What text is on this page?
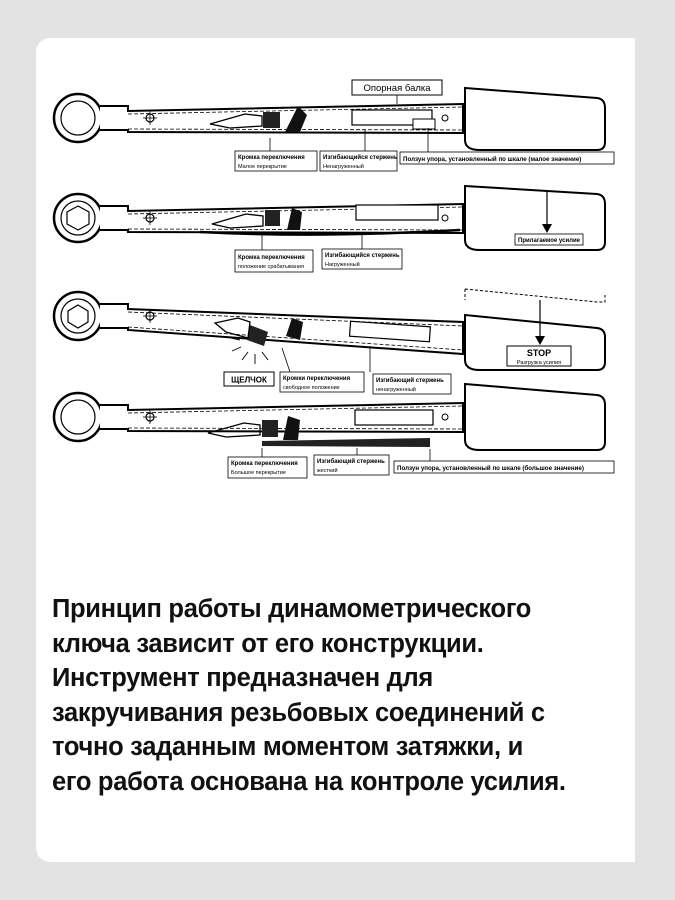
Опорная балка
Кромка переключения
Малое перекрытие
Изгибающийся стержень
Ненагруженный
Ползун упора, установленный по шкале (малое значение)
Прилагаемое усилие
Кромка переключения
положение срабатывания
Изгибающийся стержень
Нагруженный
STOP
Разгрузка усилия
ЩЕЛЧОК	Кромки переключения
свободное положение
Изгибающий стержень
ненагруженный
Кромка переключения
Большое перекрытие
Изгибающий стержень
жесткий	Ползун упора, установленный по шкале (большое значение)
Принцип работы динамометрического
ключа зависит от его конструкции.
Инструмент предназначен для
закручивания резьбовых соединений с
точно заданным моментом затяжки, и
его работа основана на контроле усилия.
